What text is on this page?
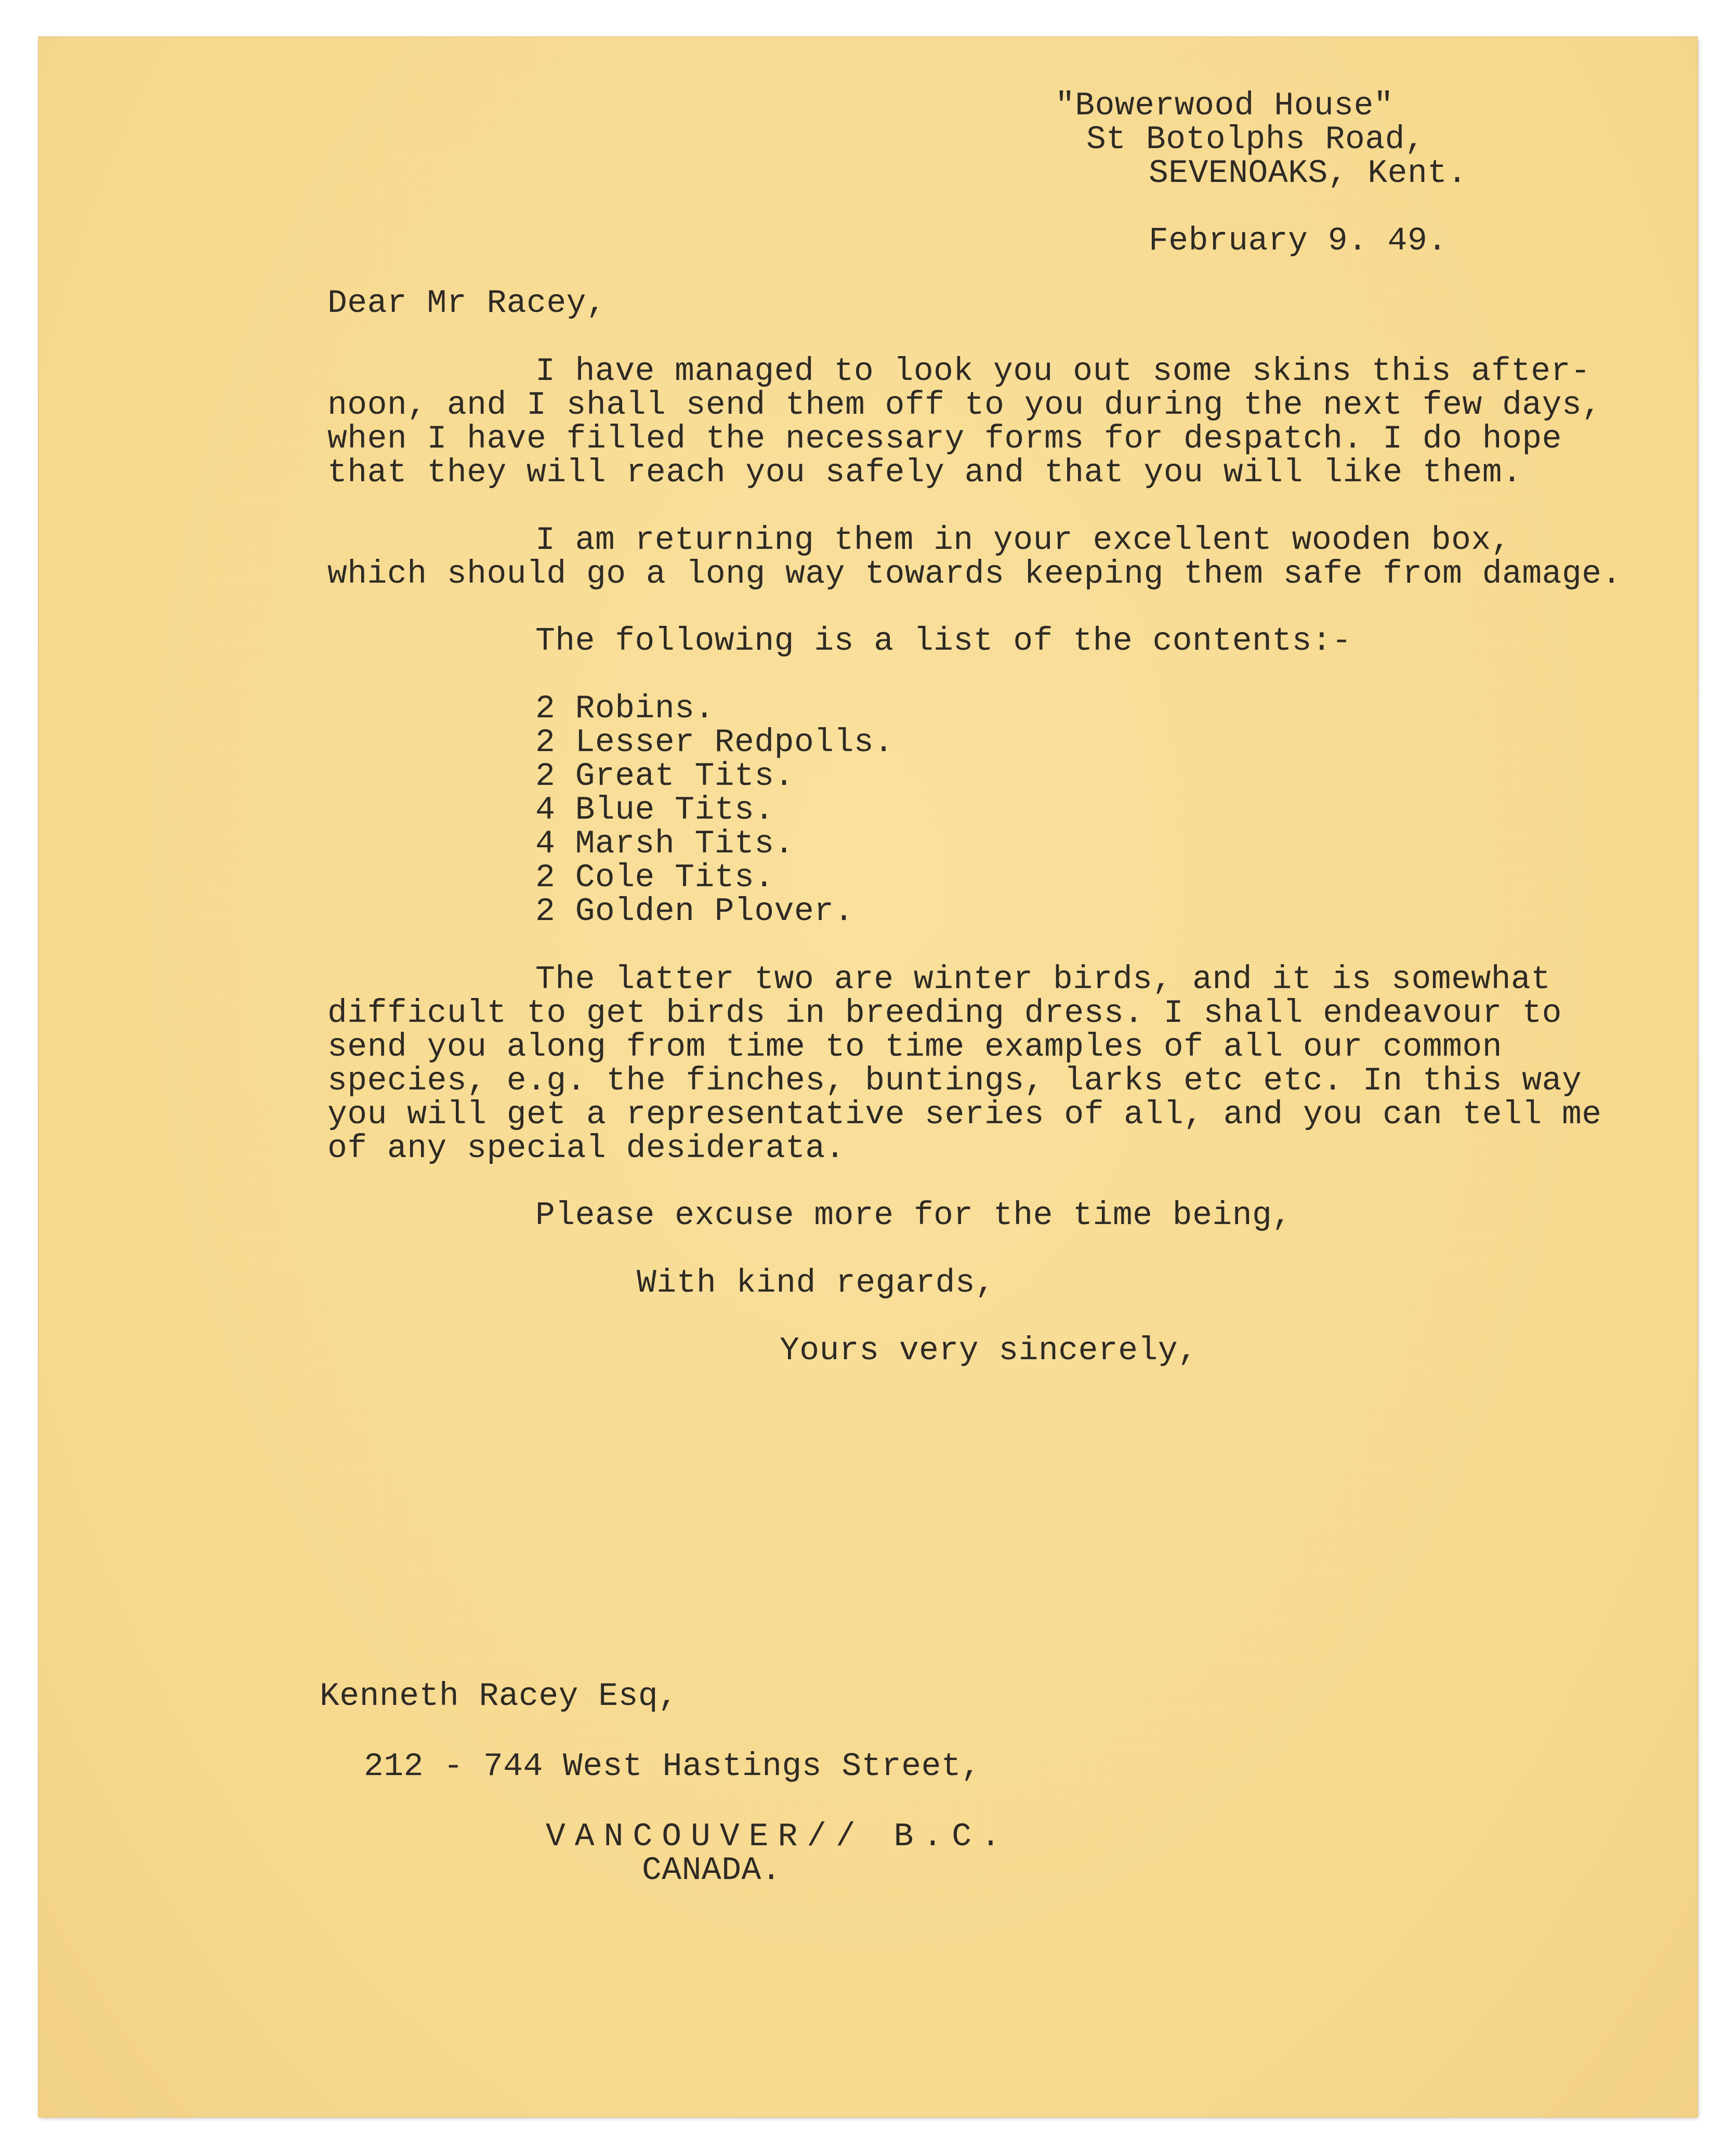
"Bowerwood House"
St Botolphs Road,
SEVENOAKS, Kent.
February 9. 49.
Dear Mr Racey,
I have managed to look you out some skins this after-
noon, and I shall send them off to you during the next few days,
when I have filled the necessary forms for despatch. I do hope
that they will reach you safely and that you will like them.
I am returning them in your excellent wooden box,
which should go a long way towards keeping them safe from damage.
The following is a list of the contents:-
2 Robins.
2 Lesser Redpolls.
2 Great Tits.
4 Blue Tits.
4 Marsh Tits.
2 Cole Tits.
2 Golden Plover.
The latter two are winter birds, and it is somewhat
difficult to get birds in breeding dress. I shall endeavour to
send you along from time to time examples of all our common
species, e.g. the finches, buntings, larks etc etc. In this way
you will get a representative series of all, and you can tell me
of any special desiderata.
Please excuse more for the time being,
With kind regards,
Yours very sincerely,
Kenneth Racey Esq,
212 - 744 West Hastings Street,
VANCOUVER// B.C.
CANADA.
